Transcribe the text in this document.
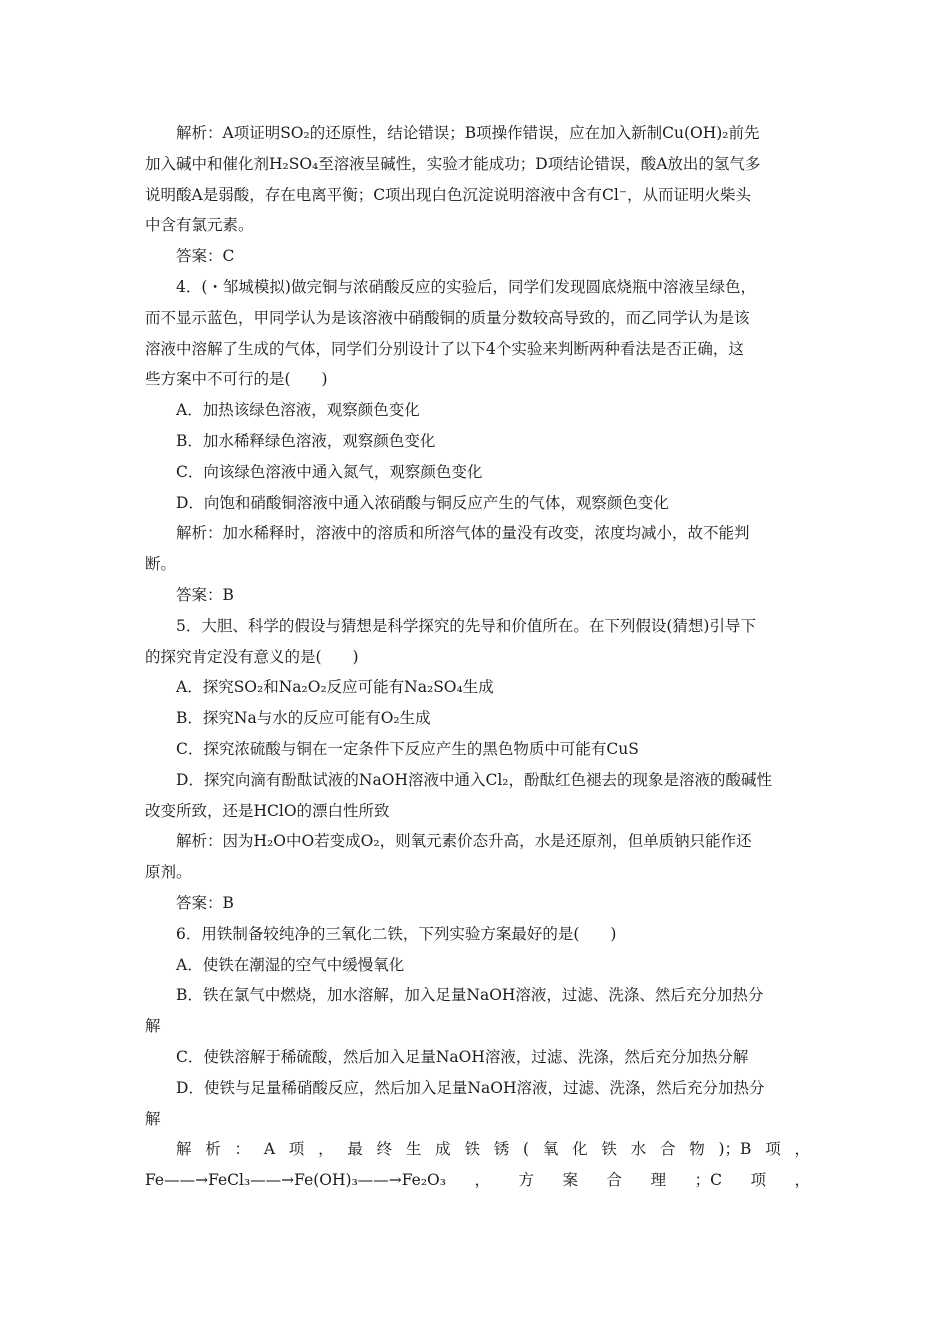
解析：A项证明SO₂的还原性，结论错误；B项操作错误，应在加入新制Cu(OH)₂前先
加入碱中和催化剂H₂SO₄至溶液呈碱性，实验才能成功；D项结论错误，酸A放出的氢气多
说明酸A是弱酸，存在电离平衡；C项出现白色沉淀说明溶液中含有Cl⁻，从而证明火柴头
中含有氯元素。
答案：C
4．(・邹城模拟)做完铜与浓硝酸反应的实验后，同学们发现圆底烧瓶中溶液呈绿色，
而不显示蓝色，甲同学认为是该溶液中硝酸铜的质量分数较高导致的，而乙同学认为是该
溶液中溶解了生成的气体，同学们分别设计了以下4个实验来判断两种看法是否正确，这
些方案中不可行的是(　　)
A．加热该绿色溶液，观察颜色变化
B．加水稀释绿色溶液，观察颜色变化
C．向该绿色溶液中通入氮气，观察颜色变化
D．向饱和硝酸铜溶液中通入浓硝酸与铜反应产生的气体，观察颜色变化
解析：加水稀释时，溶液中的溶质和所溶气体的量没有改变，浓度均减小，故不能判
断。
答案：B
5．大胆、科学的假设与猜想是科学探究的先导和价值所在。在下列假设(猜想)引导下
的探究肯定没有意义的是(　　)
A．探究SO₂和Na₂O₂反应可能有Na₂SO₄生成
B．探究Na与水的反应可能有O₂生成
C．探究浓硫酸与铜在一定条件下反应产生的黑色物质中可能有CuS
D．探究向滴有酚酞试液的NaOH溶液中通入Cl₂，酚酞红色褪去的现象是溶液的酸碱性
改变所致，还是HClO的漂白性所致
解析：因为H₂O中O若变成O₂，则氧元素价态升高，水是还原剂，但单质钠只能作还
原剂。
答案：B
6．用铁制备较纯净的三氧化二铁，下列实验方案最好的是(　　)
A．使铁在潮湿的空气中缓慢氧化
B．铁在氯气中燃烧，加水溶解，加入足量NaOH溶液，过滤、洗涤、然后充分加热分
解
C．使铁溶解于稀硫酸，然后加入足量NaOH溶液，过滤、洗涤，然后充分加热分解
D．使铁与足量稀硝酸反应，然后加入足量NaOH溶液，过滤、洗涤，然后充分加热分
解
解析：A项，最终生成铁锈(氧化铁水合物)；B项，
Fe——→FeCl₃——→Fe(OH)₃——→Fe₂O₃，方案合理；C项，
